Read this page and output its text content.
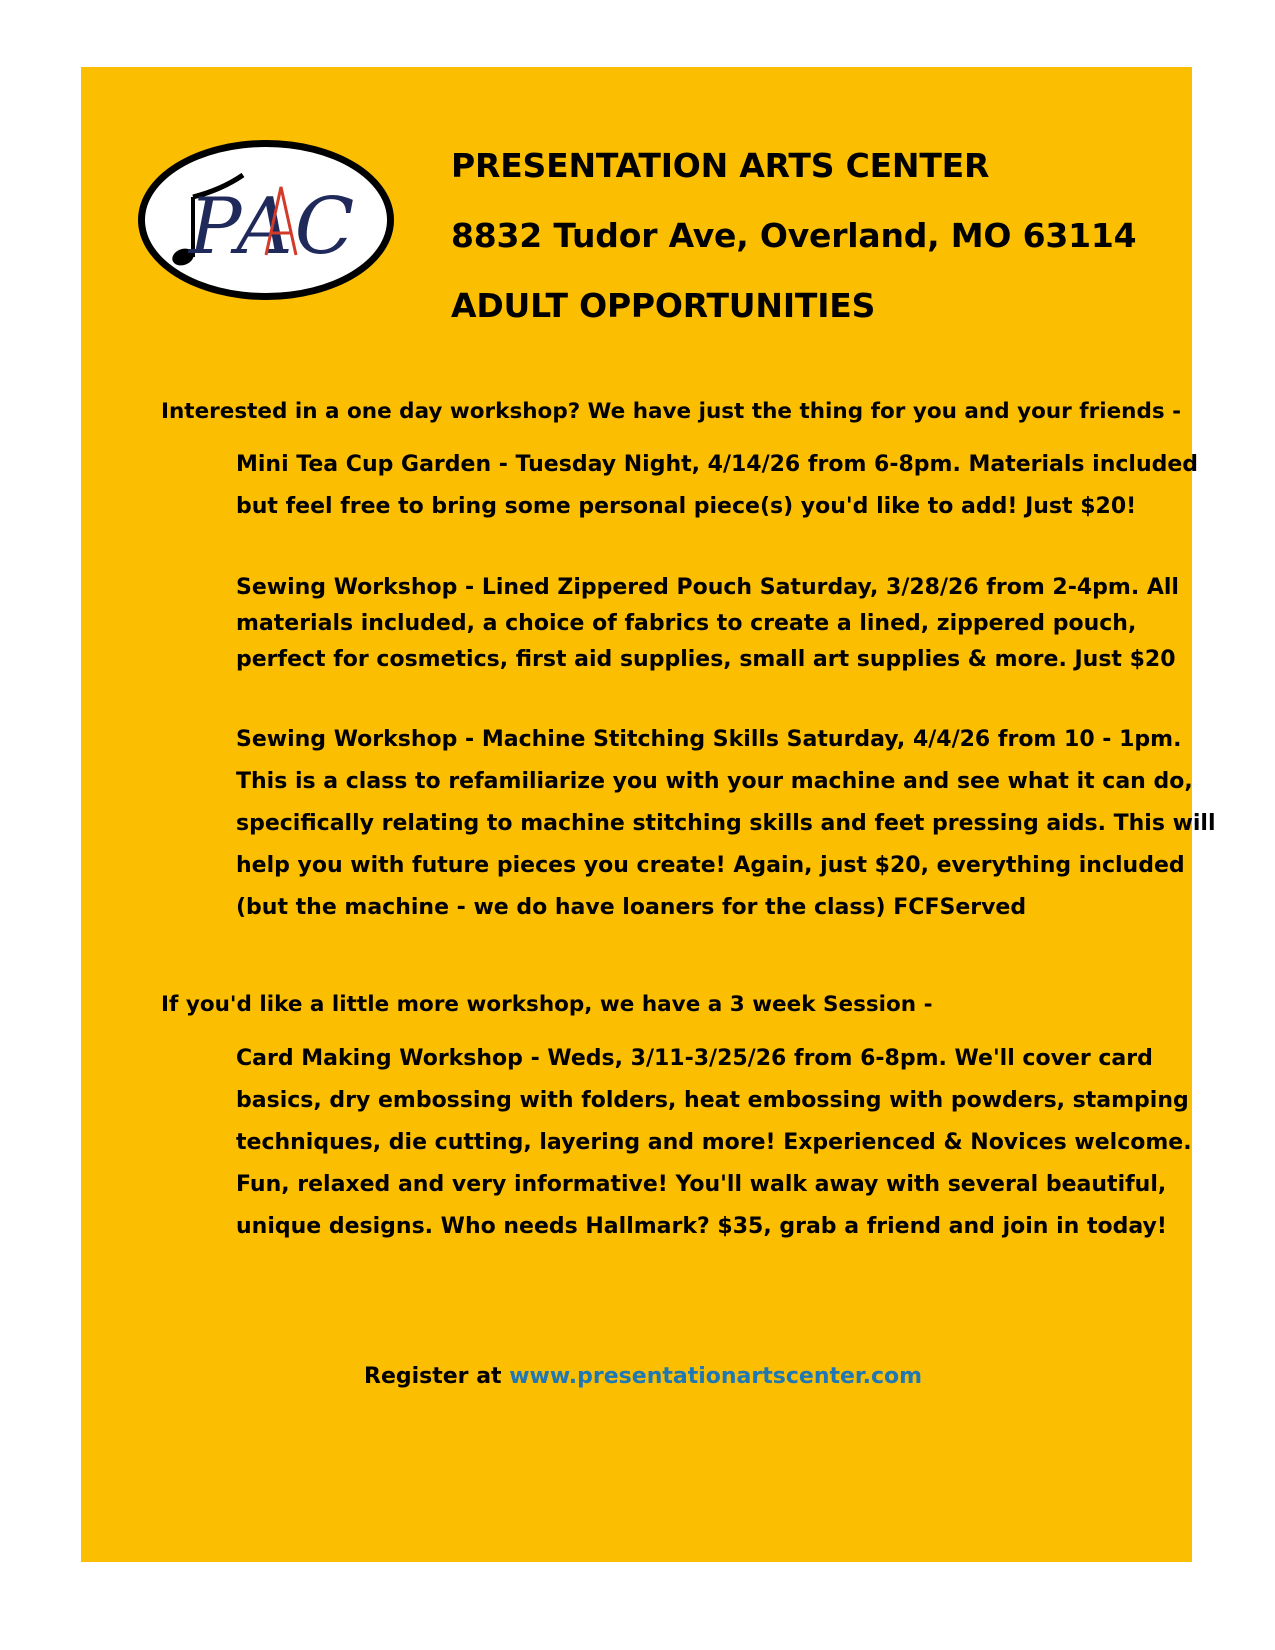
PAC
PRESENTATION ARTS CENTER
8832 Tudor Ave, Overland, MO 63114
ADULT OPPORTUNITIES
Interested in a one day workshop? We have just the thing for you and your friends -
Mini Tea Cup Garden - Tuesday Night, 4/14/26 from 6-8pm. Materials included
but feel free to bring some personal piece(s) you'd like to add! Just $20!
Sewing Workshop - Lined Zippered Pouch Saturday, 3/28/26 from 2-4pm. All
materials included, a choice of fabrics to create a lined, zippered pouch,
perfect for cosmetics, first aid supplies, small art supplies & more. Just $20
Sewing Workshop - Machine Stitching Skills Saturday, 4/4/26 from 10 - 1pm.
This is a class to refamiliarize you with your machine and see what it can do,
specifically relating to machine stitching skills and feet pressing aids. This will
help you with future pieces you create! Again, just $20, everything included
(but the machine - we do have loaners for the class) FCFServed
If you'd like a little more workshop, we have a 3 week Session -
Card Making Workshop - Weds, 3/11-3/25/26 from 6-8pm. We'll cover card
basics, dry embossing with folders, heat embossing with powders, stamping
techniques, die cutting, layering and more! Experienced & Novices welcome.
Fun, relaxed and very informative! You'll walk away with several beautiful,
unique designs. Who needs Hallmark? $35, grab a friend and join in today!
Register at www.presentationartscenter.com
